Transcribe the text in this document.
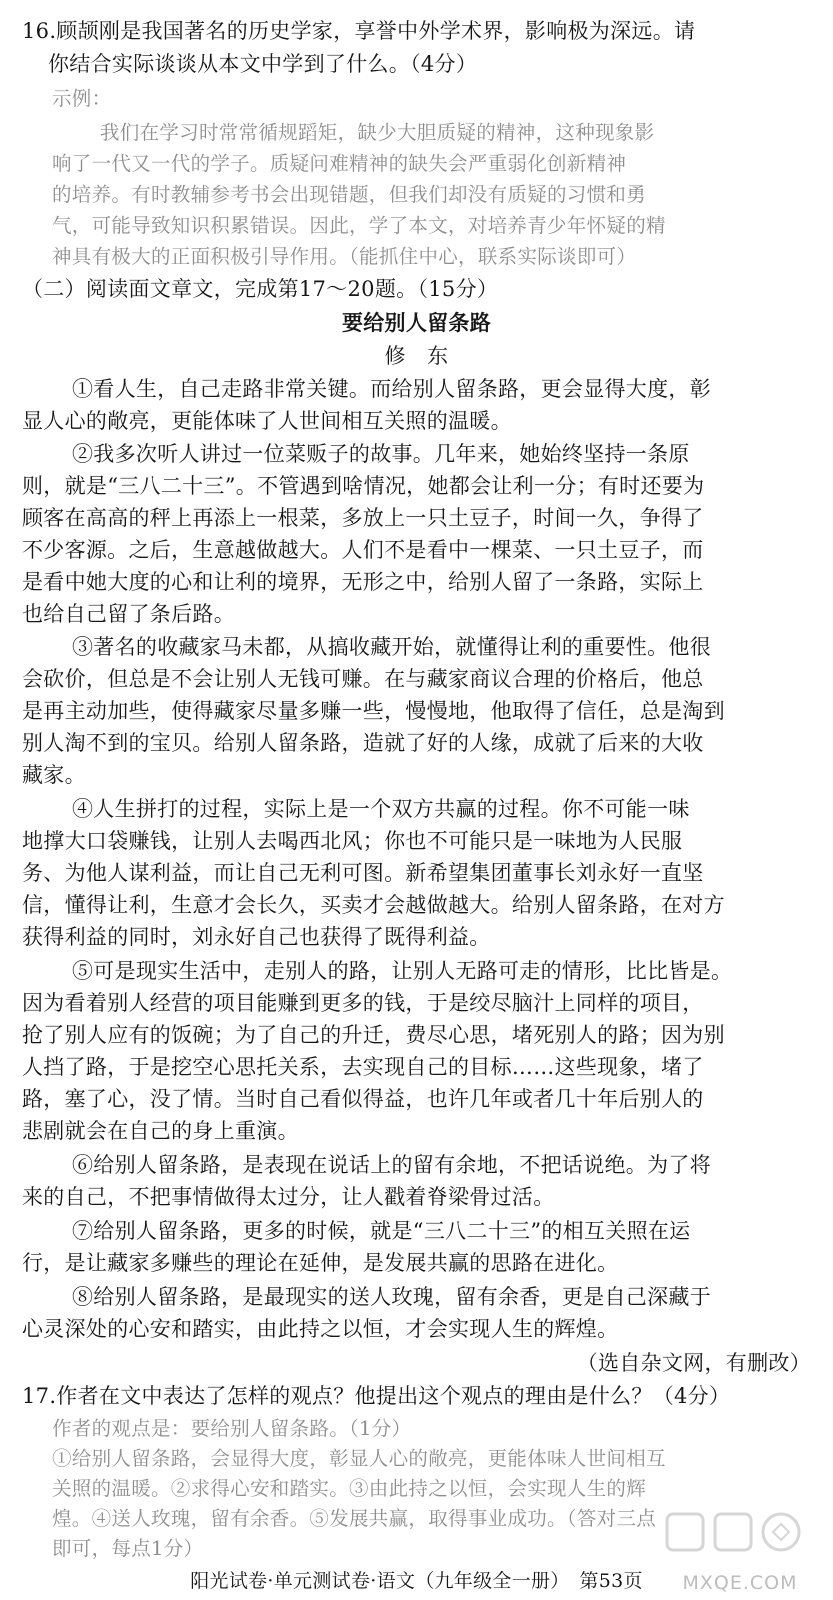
16.顾颉刚是我国著名的历史学家，享誉中外学术界，影响极为深远。请
你结合实际谈谈从本文中学到了什么。（4分）
示例：
我们在学习时常常循规蹈矩，缺少大胆质疑的精神，这种现象影
响了一代又一代的学子。质疑问难精神的缺失会严重弱化创新精神
的培养。有时教辅参考书会出现错题，但我们却没有质疑的习惯和勇
气，可能导致知识积累错误。因此，学了本文，对培养青少年怀疑的精
神具有极大的正面积极引导作用。（能抓住中心，联系实际谈即可）
（二）阅读面文章文，完成第17～20题。（15分）
要给别人留条路
修　东
①看人生，自己走路非常关键。而给别人留条路，更会显得大度，彰
显人心的敞亮，更能体味了人世间相互关照的温暖。
②我多次听人讲过一位菜贩子的故事。几年来，她始终坚持一条原
则，就是“三八二十三”。不管遇到啥情况，她都会让利一分；有时还要为
顾客在高高的秤上再添上一根菜，多放上一只土豆子，时间一久，争得了
不少客源。之后，生意越做越大。人们不是看中一棵菜、一只土豆子，而
是看中她大度的心和让利的境界，无形之中，给别人留了一条路，实际上
也给自己留了条后路。
③著名的收藏家马未都，从搞收藏开始，就懂得让利的重要性。他很
会砍价，但总是不会让别人无钱可赚。在与藏家商议合理的价格后，他总
是再主动加些，使得藏家尽量多赚一些，慢慢地，他取得了信任，总是淘到
别人淘不到的宝贝。给别人留条路，造就了好的人缘，成就了后来的大收
藏家。
④人生拼打的过程，实际上是一个双方共赢的过程。你不可能一味
地撑大口袋赚钱，让别人去喝西北风；你也不可能只是一味地为人民服
务、为他人谋利益，而让自己无利可图。新希望集团董事长刘永好一直坚
信，懂得让利，生意才会长久，买卖才会越做越大。给别人留条路，在对方
获得利益的同时，刘永好自己也获得了既得利益。
⑤可是现实生活中，走别人的路，让别人无路可走的情形，比比皆是。
因为看着别人经营的项目能赚到更多的钱，于是绞尽脑汁上同样的项目，
抢了别人应有的饭碗；为了自己的升迁，费尽心思，堵死别人的路；因为别
人挡了路，于是挖空心思托关系，去实现自己的目标……这些现象，堵了
路，塞了心，没了情。当时自己看似得益，也许几年或者几十年后别人的
悲剧就会在自己的身上重演。
⑥给别人留条路，是表现在说话上的留有余地，不把话说绝。为了将
来的自己，不把事情做得太过分，让人戳着脊梁骨过活。
⑦给别人留条路，更多的时候，就是“三八二十三”的相互关照在运
行，是让藏家多赚些的理论在延伸，是发展共赢的思路在进化。
⑧给别人留条路，是最现实的送人玫瑰，留有余香，更是自己深藏于
心灵深处的心安和踏实，由此持之以恒，才会实现人生的辉煌。
（选自杂文网，有删改）
17.作者在文中表达了怎样的观点？他提出这个观点的理由是什么？（4分）
作者的观点是：要给别人留条路。（1分）
①给别人留条路，会显得大度，彰显人心的敞亮，更能体味人世间相互
关照的温暖。②求得心安和踏实。③由此持之以恒，会实现人生的辉
煌。④送人玫瑰，留有余香。⑤发展共赢，取得事业成功。（答对三点
即可，每点1分）
阳光试卷·单元测试卷·语文（九年级全一册）　第53页	MXQE.COM
